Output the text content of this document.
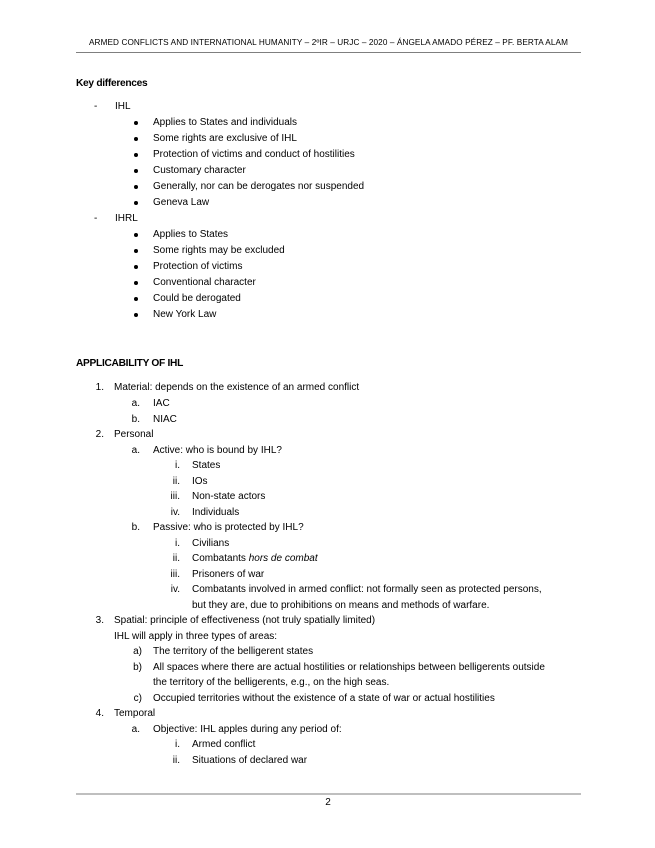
ARMED CONFLICTS AND INTERNATIONAL HUMANITY – 2ºIR – URJC – 2020 – ÁNGELA AMADO PÉREZ – PF. BERTA ALAM
Key differences
- IHL
Applies to States and individuals
Some rights are exclusive of IHL
Protection of victims and conduct of hostilities
Customary character
Generally, nor can be derogates nor suspended
Geneva Law
- IHRL
Applies to States
Some rights may be excluded
Protection of victims
Conventional character
Could be derogated
New York Law
APPLICABILITY OF IHL
1. Material: depends on the existence of an armed conflict
a. IAC
b. NIAC
2. Personal
a. Active: who is bound by IHL?
i. States
ii. IOs
iii. Non-state actors
iv. Individuals
b. Passive: who is protected by IHL?
i. Civilians
ii. Combatants hors de combat
iii. Prisoners of war
iv. Combatants involved in armed conflict: not formally seen as protected persons,
but they are, due to prohibitions on means and methods of warfare.
3. Spatial: principle of effectiveness (not truly spatially limited)
IHL will apply in three types of areas:
a) The territory of the belligerent states
b) All spaces where there are actual hostilities or relationships between belligerents outside
the territory of the belligerents, e.g., on the high seas.
c) Occupied territories without the existence of a state of war or actual hostilities
4. Temporal
a. Objective: IHL apples during any period of:
i. Armed conflict
ii. Situations of declared war
2
